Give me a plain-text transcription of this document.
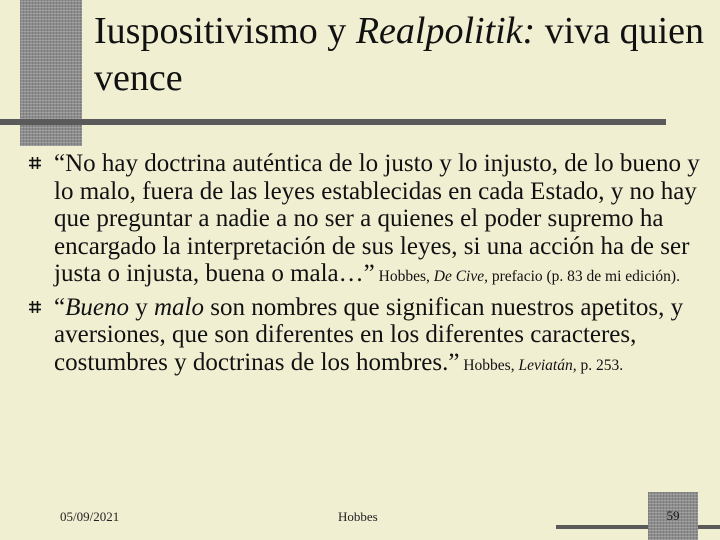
Iuspositivismo y Realpolitik: viva quien vence

“No hay doctrina auténtica de lo justo y lo injusto, de lo bueno y lo malo, fuera de las leyes establecidas en cada Estado, y no hay que preguntar a nadie a no ser a quienes el poder supremo ha encargado la interpretación de sus leyes, si una acción ha de ser justa o injusta, buena o mala…” Hobbes, De Cive, prefacio (p. 83 de mi edición).

“Bueno y malo son nombres que significan nuestros apetitos, y aversiones, que son diferentes en los diferentes caracteres, costumbres y doctrinas de los hombres.” Hobbes, Leviatán, p. 253.

05/09/2021	Hobbes	59
